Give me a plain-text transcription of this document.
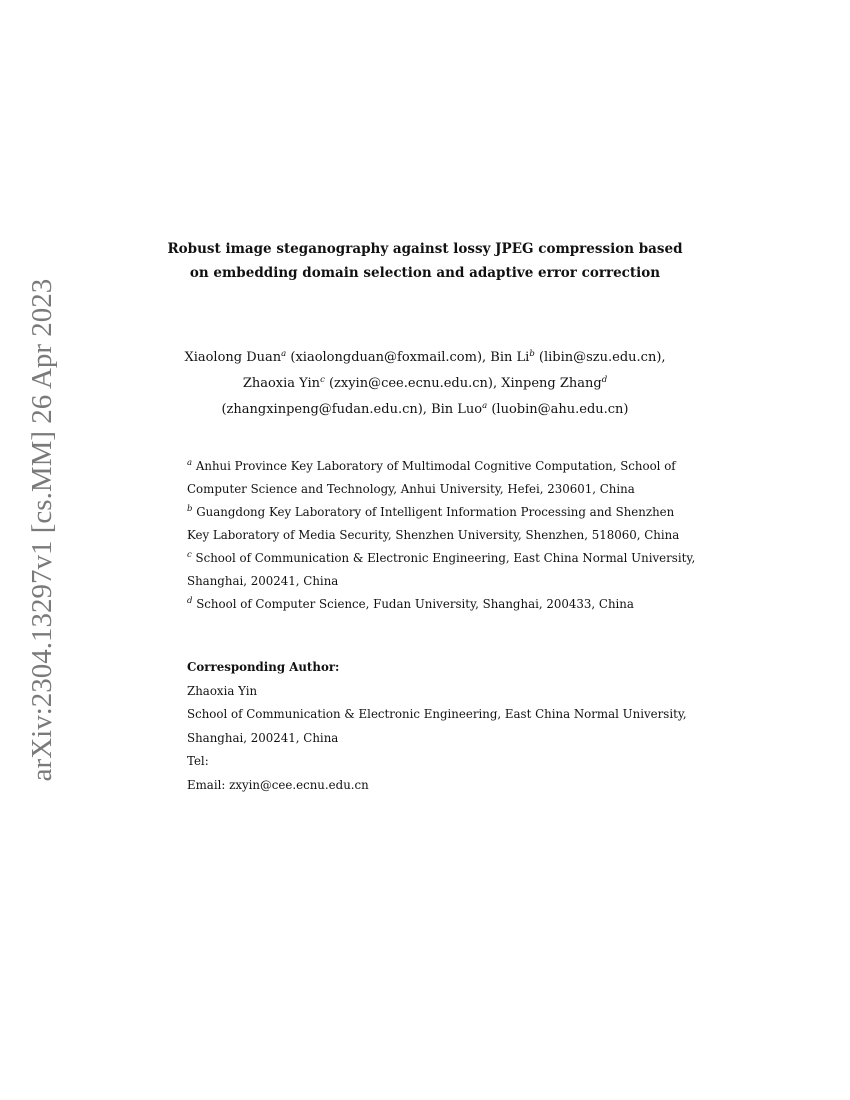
arXiv:2304.13297v1 [cs.MM] 26 Apr 2023
Robust image steganography against lossy JPEG compression based
on embedding domain selection and adaptive error correction
Xiaolong Duan$^a$ (xiaolongduan@foxmail.com), Bin Li$^b$ (libin@szu.edu.cn),
Zhaoxia Yin$^c$ (zxyin@cee.ecnu.edu.cn), Xinpeng Zhang$^d$
(zhangxinpeng@fudan.edu.cn), Bin Luo$^a$ (luobin@ahu.edu.cn)
$^a$ Anhui Province Key Laboratory of Multimodal Cognitive Computation, School of
Computer Science and Technology, Anhui University, Hefei, 230601, China
$^b$ Guangdong Key Laboratory of Intelligent Information Processing and Shenzhen
Key Laboratory of Media Security, Shenzhen University, Shenzhen, 518060, China
$^c$ School of Communication & Electronic Engineering, East China Normal University,
Shanghai, 200241, China
$^d$ School of Computer Science, Fudan University, Shanghai, 200433, China
Corresponding Author:
Zhaoxia Yin
School of Communication & Electronic Engineering, East China Normal University,
Shanghai, 200241, China
Tel:
Email: zxyin@cee.ecnu.edu.cn
